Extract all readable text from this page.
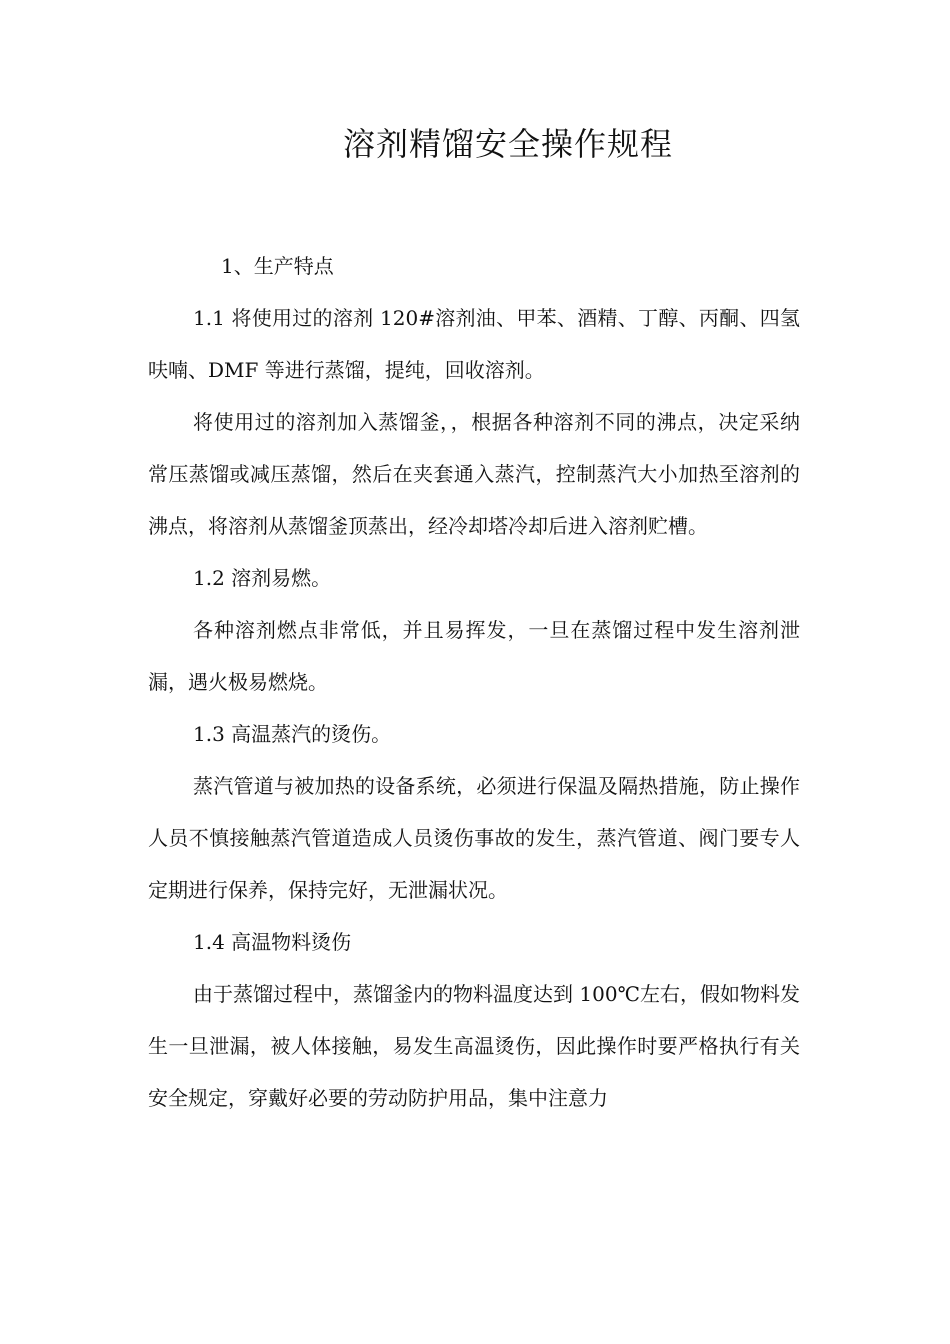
溶剂精馏安全操作规程

1、生产特点

1.1 将使用过的溶剂 120#溶剂油、甲苯、酒精、丁醇、丙酮、四氢呋喃、DMF 等进行蒸馏，提纯，回收溶剂。

将使用过的溶剂加入蒸馏釜，，根据各种溶剂不同的沸点，决定采纳常压蒸馏或减压蒸馏，然后在夹套通入蒸汽，控制蒸汽大小加热至溶剂的沸点，将溶剂从蒸馏釜顶蒸出，经冷却塔冷却后进入溶剂贮槽。

1.2 溶剂易燃。

各种溶剂燃点非常低，并且易挥发，一旦在蒸馏过程中发生溶剂泄漏，遇火极易燃烧。

1.3 高温蒸汽的烫伤。

蒸汽管道与被加热的设备系统，必须进行保温及隔热措施，防止操作人员不慎接触蒸汽管道造成人员烫伤事故的发生，蒸汽管道、阀门要专人定期进行保养，保持完好，无泄漏状况。

1.4 高温物料烫伤

由于蒸馏过程中，蒸馏釜内的物料温度达到 100℃左右，假如物料发生一旦泄漏，被人体接触，易发生高温烫伤，因此操作时要严格执行有关安全规定，穿戴好必要的劳动防护用品，集中注意力
